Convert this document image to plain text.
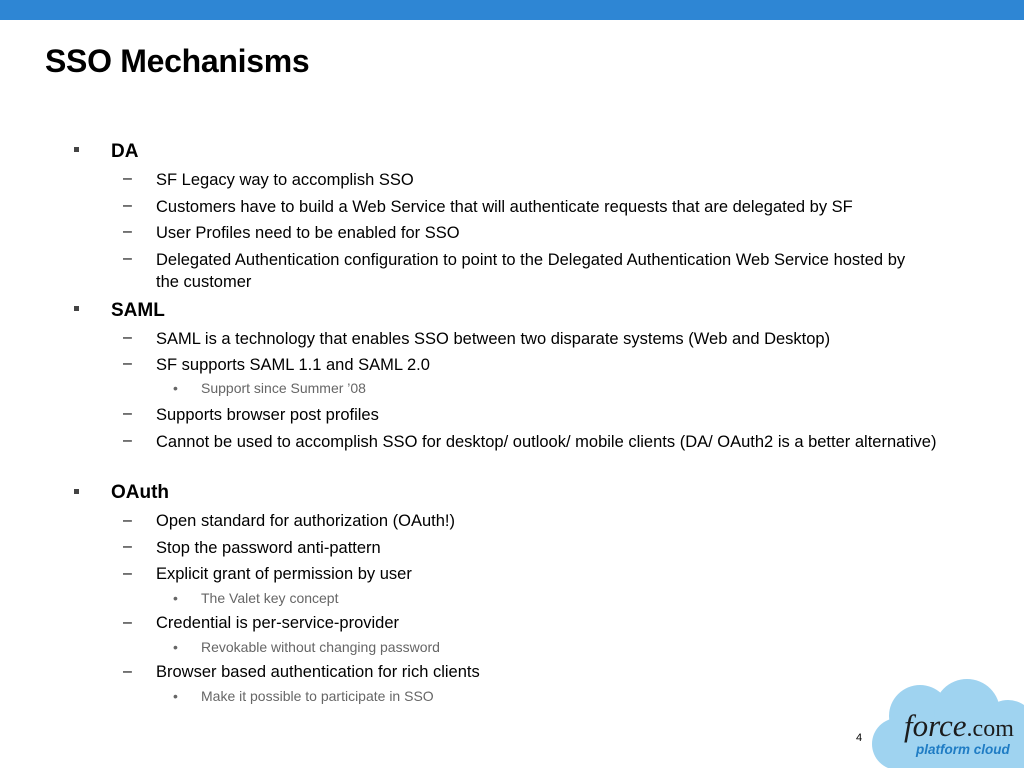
SSO Mechanisms
DA
– SF Legacy way to accomplish SSO
– Customers have to build a Web Service that will authenticate requests that are delegated by SF
– User Profiles need to be enabled for SSO
– Delegated Authentication configuration to point to the Delegated Authentication Web Service hosted by the customer
SAML
– SAML is a technology that enables SSO between two disparate systems (Web and Desktop)
– SF supports SAML 1.1 and SAML 2.0
• Support since Summer ’08
– Supports browser post profiles
– Cannot be used to accomplish SSO for desktop/ outlook/ mobile clients (DA/ OAuth2 is a better alternative)
OAuth
– Open standard for authorization (OAuth!)
– Stop the password anti-pattern
– Explicit grant of permission by user
• The Valet key concept
– Credential is per-service-provider
• Revokable without changing password
– Browser based authentication for rich clients
• Make it possible to participate in SSO
4 force.com
platform cloud
